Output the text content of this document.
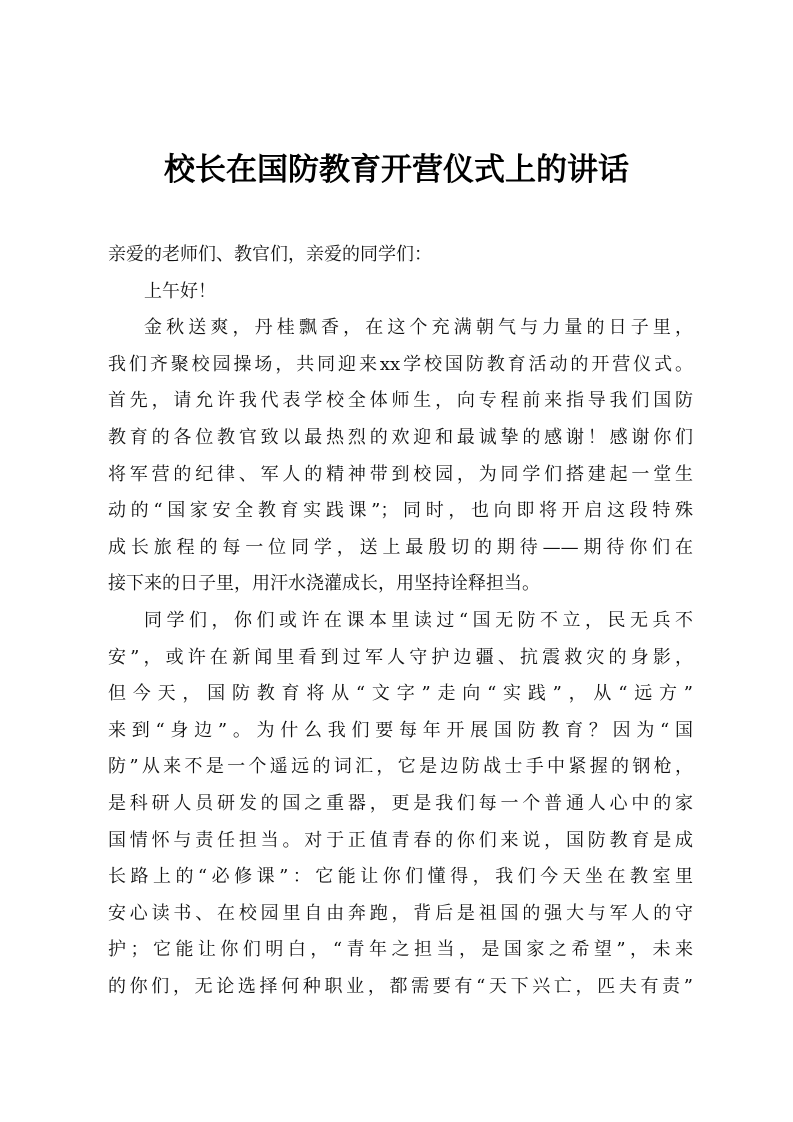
校长在国防教育开营仪式上的讲话
亲爱的老师们、教官们，亲爱的同学们：
上午好！
金秋送爽，丹桂飘香，在这个充满朝气与力量的日子里，
我们齐聚校园操场，共同迎来xx学校国防教育活动的开营仪式。
首先，请允许我代表学校全体师生，向专程前来指导我们国防
教育的各位教官致以最热烈的欢迎和最诚挚的感谢！感谢你们
将军营的纪律、军人的精神带到校园，为同学们搭建起一堂生
动的“国家安全教育实践课”；同时，也向即将开启这段特殊
成长旅程的每一位同学，送上最殷切的期待——期待你们在
接下来的日子里，用汗水浇灌成长，用坚持诠释担当。
同学们，你们或许在课本里读过“国无防不立，民无兵不
安”，或许在新闻里看到过军人守护边疆、抗震救灾的身影，
但今天，国防教育将从“文字”走向“实践”，从“远方”
来到“身边”。为什么我们要每年开展国防教育？因为“国
防”从来不是一个遥远的词汇，它是边防战士手中紧握的钢枪，
是科研人员研发的国之重器，更是我们每一个普通人心中的家
国情怀与责任担当。对于正值青春的你们来说，国防教育是成
长路上的“必修课”：它能让你们懂得，我们今天坐在教室里
安心读书、在校园里自由奔跑，背后是祖国的强大与军人的守
护；它能让你们明白，“青年之担当，是国家之希望”，未来
的你们，无论选择何种职业，都需要有“天下兴亡，匹夫有责”
